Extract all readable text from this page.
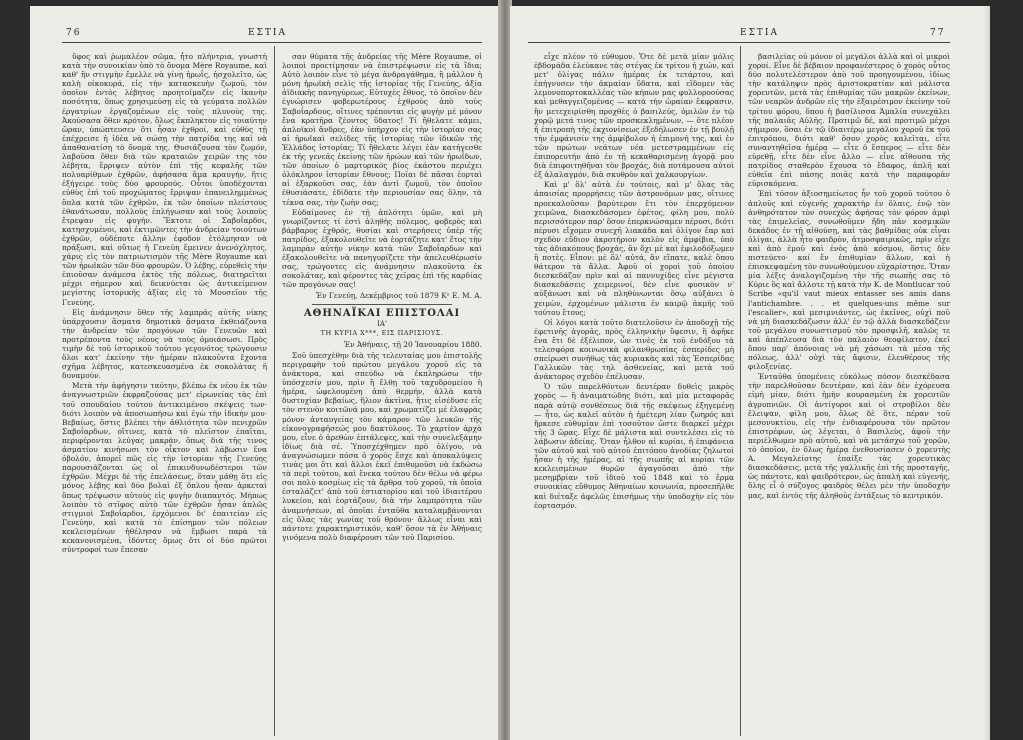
76	ΕΣΤΙΑ

ὕφος καὶ ῥωμαλέον σῶμα, ἦτο πλήντρια, γνωστὴ κατὰ τὴν συνοικίαν ὑπὸ τὸ ὄνομα Mère Royaume, καὶ καθ' ἣν στιγμὴν ἔμελλε νὰ γίνῃ ἡρωΐς, ἠσχολεῖτο, ὡς καλὴ οἰκοκυρά, εἰς τὴν κατασκευὴν ζωμοῦ, τὸν ὁποῖον ἐντὸς λέβητος προητοίμαζεν εἰς ἱκανὴν ποσότητα, ὅπως χρησιμεύσῃ εἰς τὰ γεύματα πολλῶν ἐργατρίων ἐργαζομένων εἰς τοὺς πλυνοὺς της. Ἀκούσασα ὅθεν κρότον, ὅλως ἔκπληκτον εἰς τοιαύτην ὥραν, ὑπώπτευσεν ὅτι ἦσαν ἐχθροί, καὶ εὐθὺς τῇ ἐπέχρεισε ἡ ἰδέα νὰ σώσῃ τὴν πατρίδα της καὶ νὰ ἀπαθανατίσῃ τὸ ὄνομά της. Θυσιάζουσα τὸν ζωμόν, λαβοῦσα ὅθεν διὰ τῶν κραταιῶν χειρῶν της τὸν λέβητα, ἔρριψεν αὐτὸν ἐπὶ τῆς κεφαλῆς τῶν πολυαρίθμων ἐχθρῶν, ἀφήσασα ἅμα κραυγήν, ἥτις ἐξήγειρε τοὺς δύο φρουρούς. Οὗτοι ὑποδέχονται εὐθὺς ἐπὶ τοῦ προχώματος ἔρριψαν ἐπανειλημμένως ὅπλα κατὰ τῶν ἐχθρῶν, ἐκ τῶν ὁποίων πλείστους ἐθανάτωσαν, πολλοὺς ἐπλήγωσαν καὶ τοὺς λοιποὺς ἔτρεψαν εἰς φυγήν. Ἔκτοτε οἱ Σαβοΐαρδοι, κατησχυμένοι, καὶ ἐκτιμῶντες τὴν ἀνδρείαν τοιούτων ἐχθρῶν, οὐδέποτε ἄλλην ἐφοδον ἐτόλμησαν νὰ πράξωσι, καὶ οὕτως ἡ Γενεύη ἔμεινεν ἀνενόχλητος, χάρις εἰς τὸν πατριωτισμὸν τῆς Mère Royaume καὶ τῶν ἡρωϊκῶν τῶν δύο φρουρῶν. Ὁ λέβης, εὑρεθεὶς τὴν ἐπιοῦσαν ἀνάμεσα ἐκτὸς τῆς πόλεως, διατηρεῖται μέχρι σήμερον καὶ δεικνύεται ὡς ἀντικείμενον μεγίστης ἱστορικῆς ἀξίας εἰς τὸ Μουσεῖον τῆς Γενεύης.

Εἰς ἀνάμνησιν ὅθεν τῆς λαμπρᾶς αὐτῆς νίκης ὑπάρχουσιν ἄσματα δημοτικὰ ᾄσματα ἐκθειάζοντα τὴν ἀνδρείαν τῶν προγόνων τῶν Γενευῶν καὶ προτρέποντα τοὺς νέους νὰ τοὺς ὁμοιάσωσι. Πρὸς τιμὴν δὲ τοῦ ἱστορικοῦ τούτου γεγονότος τρώγουσιν ὅλοι κατ' ἐκείνην τὴν ἡμέραν πλακοῦντα ἔχοντα σχῆμα λέβητος, κατεσκευασμένα ἐκ σοκολάτας ἢ δυναμούν.

Μετὰ τὴν ἀφήγησιν ταύτην, βλέπω ἐκ νέου ἐκ τῶν ἀναγνωστριῶν ἐκφραζούσας μετ' εἰρωνείας τὰς ἐπὶ τοῦ σπουδαίου τούτου ἀντικειμένου σκέψεις των· διότι λοιπὸν νὰ ἀποσιωπήσω καὶ ἐγὼ τὴν ἰδικήν μου· Βεβαίως, ὅστις βλέπει τὴν ἀθλιότητα τῶν πενιχρῶν Σαβοΐαρδων, οἵτινες, κατὰ τὸ πλεῖστον ἐπαῖται, περιφέρονται λεύγας μακράν, ὅπως διὰ τῆς τινος ἀσματίου κινήσωσι τὸν οἶκτον καὶ λάβωσιν ἕνα ὀβολόν, ἀπορεῖ πῶς εἰς τὴν ἱστορίαν τῆς Γενεύης παρουσιάζονται ὡς οἱ ἐπικινδυνωδέστεροι τῶν ἐχθρῶν. Μέχρι δὲ τῆς ἐπελάσεως, ὅταν μάθῃ ὅτι εἰς μόνος λέβης καὶ δύο βολαὶ ἐξ ὅπλου ἦσαν ἀρκεταὶ ὅπως τρέψωσιν αὐτοὺς εἰς φυγὴν διαπαντός. Μήπως λοιπὸν τὸ στῖφος αὐτὸ τῶν ἐχθρῶν ἦσαν ἁπλῶς στιγμιοὶ Σαβοΐαρδοι, ἐρχόμενοι δι' ἐπαιτείαν εἰς Γενεύην, καὶ κατὰ τὸ ἐπίσημον τῶν πόλεων κεκλεισμένων ἠθέλησαν νὰ ἔμβωσι παρὰ τὰ κεκανονισμένα, ἰδόντες ὅμως ὅτι οἱ δύο πρῶτοι σύντροφοί των ἔπεσαν

σαν θύματα τῆς ἀνδρείας τῆς Mère Royaume, οἱ λοιποὶ προετίμησαν νὰ ἐπιστρέψωσιν εἰς τὰ ἴδια; Αὐτὸ λοιπὸν εἶνε τὸ μέγα ἀνδραγάθημα, ἢ μᾶλλον ἡ μόνη ἡρωϊκὴ σελὶς τῆς ἱστορίας τῆς Γενεύης, ἀξία ἀϊδιακῆς πανηγύρεως. Εὐτυχὲς ἔθνος, τὸ ὁποῖον δὲν ἐγνώρισεν φοβερωτέρους ἐχθροὺς ἀπὸ τοὺς Σαβοΐαρδους, οἵτινες τρέπονται εἰς φυγὴν μὲ μόνον ἕνα κρατῆρα ζέοντος ὕδατος! Τί ἤθελατε κάμει, ἀπλοϊκοὶ ἄνδρες, ἐὰν ὑπῆρχον εἰς τὴν ἱστορίαν σας αἱ ἡρωϊκαὶ σελίδες τῆς ἱστορίας τῶν ἰδικῶν τῆς Ἑλλάδος ἱστορίας; Τί ἤθελατε λέγει ἐὰν κατήγεσθε ἐκ τῆς γενεᾶς ἐκείνης τῶν ἡρώων καὶ τῶν ἡρωΐδων, τῶν ὁποίων ὁ μαρτυρικὸς βίος ἐκάστου περιέχει ὁλόκληρον ἱστορίαν ἔθνους; Ποῖαι δὲ πᾶσαι ἑορταὶ αἱ ἐξαρκοῦσι σας, ἐὰν ἀντὶ ζωμοῦ, τὸν ὁποῖον ἐθυσιάσατε, ἐδίδατε τὴν περιουσίαν σας ὅλην, τὰ τέκνα σας, τὴν ζωὴν σας;

Εὐδαίμονες ἐν τῇ ἀπλότητι ὑμῶν, καὶ μὴ γνωρίζοντες τί ἐστὶ ἀληθὴς πόλεμος, φοβερὸς καὶ βάρβαρος ἐχθρός, θυσίαι καὶ στερήσεις ὑπὲρ τῆς πατρίδος, ἑξακολουθεῖτε νὰ ἑορτάζητε κατ' ἔτος τὴν λαμπρὰν αὐτὴν νίκην κατὰ τῶν Σαβοΐαρδων καὶ ἑξακολουθεῖτε νὰ πανηγυρίζετε τὴν ἀπελευθέρωσίν σας, τρώγοντες εἰς ἀνάμνησιν πλακοῦντα ἐκ σοκολάτας, καὶ φέροντες τὰς χεῖρας ἐπὶ τῆς καρδίας τῶν προγόνων σας!

Ἐν Γενεύῃ, Δεκέμβριος τοῦ 1879 Kᵒ Ε. Μ. Α.
ΑΘΗΝΑΪΚΑΙ ΕΠΙΣΤΟΛΑΙ
ΙΑ'
ΤΗ ΚΥΡΙΑ Χ***, ΕΙΣ ΠΑΡΙΣΙΟΥΣ.
Ἐν Ἀθήναις, τῇ 20 Ἰανουαρίου 1880.

Σοῦ ὑπεσχέθην διὰ τῆς τελευταίας μου ἐπιστολῆς περιγραφὴν τοῦ πρώτου μεγάλου χοροῦ εἰς τὰ ἀνάκτορα, καὶ σπεύδω νὰ ἐκπληρώσω τὴν ὑπόσχεσίν μου, πρὶν ἢ ἔλθῃ τοῦ ταχυδρομείου ἡ ἡμέρα, ὠφελουμένη ἀπὸ θερμήν, ἀλλὰ κατὰ δυστυχίαν βεβαίως, ἥλιον ἀκτῖνα, ἥτις εἰσέδυσε εἰς τὸν στενὸν κοιτῶνά μου, καὶ χρωματίζει μὲ ἐλαφρὰς μόνον ἀνταυγείας τὸν κάμαρον τῶν λευκῶν τῆς εἰκονογραφῆσεώς μου δακτύλους. Τὸ χαρτίον ἀρχὰ μου, εἶνε ὁ ἀρεθὼν ἐπτάλεψες, καὶ τὴν συνελεξάμην ἰδίως διὰ σέ. Ὑποσχέχθημεν πρὸ ὀλίγου, νὰ ἀναγνώσωμεν πόσα ὁ χορὸς ἔσχε καὶ ἀποκαλύψεις τινὰς μοι ὅτι καὶ ἄλλοι ἐκεῖ ἐπιθυμοῦσι νὰ ἐκδώσω τὰ περὶ τούτου, καὶ ἕνεκα τούτου δὲν θέλω νὰ φέρω σοι πολὺ κοσμίως εἰς τὰ ἄρθρα τοῦ χοροῦ, τὰ ὁποῖα ἐσταλάζετ' ἀπὸ τοῦ ἑστιατορίου καὶ τοῦ ἰδιαιτέρου λυκείου, καὶ ἑορτάζουν, διὰ τὴν λαμπρότητα τῶν ἀναμνήσεων, αἱ ὁποῖαι ἐνταῦθα καταλαμβάνονται εἰς ὅλας τὰς γωνίας τοῦ θρόνου· ἄλλως εἶναι καὶ πάντοτε χαρακτηριστικόν, καθ' ὅσον τὰ ἐν Ἀθήναις γινόμενα πολὺ διαφέρουσι τῶν τοῦ Παρισίου.

ΕΣΤΙΑ	77

εἶχε πλέον τὸ εὐθυμον. Ὅτε δὲ μετὰ μίαν μόλις ἑβδομάδα ἐλεύκανε τὰς στέγας ἐκ τρίτου ἡ χιών, καὶ μετ' ὀλίγας πάλιν ἡμέρας ἐκ τετάρτου, καὶ ἐπήγνυσεν τὴν ἀκμαίαν ὕδατα, καὶ εἴδομεν τὰς λεμονοπορτοκαλλέας τῶν κήπων μας φυλλοροούσας καὶ μεθαγγειζομένας — κατὰ τὴν ὡραίαν ἔκφρασιν, ἣν μετεχειρίσθη προχθὲς ὁ βασιλεύς, ὁμιλῶν ἐν τῷ χορῷ μετά τινος τῶν προσκεκλημένων, — ὅτε πλέον ἡ ἐπιτροπὴ τῆς ἐκχιονίσεως ἐξεδήλωσεν ἐν τῇ βουλῇ τὴν ἐμφάνισίν της ἀμφίβολον ἡ ἐπιμονή της, καὶ ἐν τῶν πρώτων νεάτων νέα μετεστραμμένων εἰς ἐπιπορευτήν ἀπὸ ἐν τῇ κεκαθαρισμένῃ ἀγορᾷ μου διὰ ἐπιφοιτηθῆναι τὸν βροχάς, διὰ ποτάμουσα αὐτοὶ ἐξ ἀλαλαγμόν, διὰ σκυθρὸν καὶ χαλκουργίων.

Καὶ μ' ὅλ' αὐτὰ ἐν τούτοις, καὶ μ' ὅλας τὰς ἀπαισίας προρρήσεις τῶν ἀστρονόμων μας, οἵτινες προεκαλοῦσαν βαρύτερον ἔτι τὸν ἐπερχόμενον χειμῶνα, διασκεδάσομεν ἐφέτος, φίλη μου, πολὺ περισσότερον παρ' ὅσον ἐπερκνώσαμεν πέρυσι, διότι πέρυσι εἴχομεν συνεχῆ λιακάδα καὶ ὀλίγον ἔαρ καὶ σχεδὸν εὔδιον ἀκροτήριον καλὸν εἰς ἀμφίβια, ὑπὸ τὰς ἀδιακόπους βροχάς, ἂν ὄχι μὲ καὶ ἐφιλοδόξωμεν ἢ ποτὲς. Εἶπον: μὲ ὅλ' αὐτά, ἂν εἴπατε, καλὲ ὅπου θάτερον τὰ ἄλλα. Ἀφοῦ οἱ χοροὶ τοῦ ὁποίου διεσκεδάζον πρὶν καὶ αἱ παννυχίδες εἶνε μέγιστα διασκεδάσεις χειμερινοί, δὲν εἶνε φυσικὸν ν' αὐξάνωσι καὶ νὰ πληθύνωνται ὅσῳ αὐξάνει ὁ χειμὼν, ἐρχομένων μάλιστα ἐν καιρῷ ἀκμῆς τοῦ τούτου ἔτους;

Οἱ λόγοι κατὰ τοῦτο διατελοῦσιν ἐν ἀποδοχῇ τῆς ἐφετινῆς ἀγορᾶς, πρὸς ἐλληνικὴν ὕφεσιν, ἢ ἀφῆκε ἕνα ἔτι δὲ ἐξέλιπον, ὧν τινὲς ἐκ τοῦ ἐνδόξου τὰ τελεσφόρα κοινωνικὰ φιλανθρωπίας ἑσπερίδες μὴ σπείρωσι συνήθως τὰς κυριακὰς καὶ τὰς Ἐσπερίδας Γαλλικῶν τὰς τηλ ἀσθενείας, καὶ μετὰ τοῦ ἀνάκτορος σχεδὸν ἐπέλυσαν.

Ὁ τῶν παρελθόντων δευτέραν δυθεὶς μικρὸς χορὸς — ἢ ἀναιματώδης διότι, καὶ μία μεταφορᾶς παρὰ αὐτῷ συνθέσεως διὰ τῆς σκέψεως ἐξηγεμένῃ — ἦτο, ὡς καλεῖ αὐτὸν ἡ ἡμέτερη λίαν ζωηρός καὶ ἤρκεσε εὐθυμίαν ἐπὶ τοσοῦτον ὥστε διαρκεῖ μέχρι τῆς 3 ὥρας. Εἶχε δὲ μάλιστα καὶ συντελέσει εἰς τὸ λάβωσιν ἀδείας. Ὅταν ἦλθον αἱ κυρίαι, ἡ ἐπιφάνεια τῶν αὐτοῦ καὶ τοῦ αὐτοῦ ἐπιτόπου ἀνοδίας ζηλωτοὶ ἦσαν ἡ τῆς ἡμέρας, αἱ τῆς σιωπῆς αἱ κυρίαι τῶν κεκλεισμένων θυρῶν ἀγαγοῦσαι ἀπὸ τὴν μεσημβρίαν τοῦ ἰδιοῦ τοῦ 1848 καὶ τὸ ἕρμα συνοικίας εὔθυμος Ἀθηναίων κοινωνία, προσεπῆλθε καὶ διέταξε ἀφελῶς ἐπισήμως τὴν ὑποδοχὴν εἰς τὸν ἑορτασμόν.

βασιλείας οὐ μόνον οἱ μεγάλοι ἀλλὰ καὶ οἱ μικροὶ χοροί. Εἶνε δὲ βέβαιον προφανέστερος ὁ χορὸς οὗτος δύο πολυτελέστερον ἀπὸ τοῦ προηγουμένου, ἰδίως τὴν κατάληψιν πρὸς ἀριστοκρατίαν καὶ μάλιστα χορευτῶν, μετὰ τὰς ἐπιθυμίας τῶν μακρῶν ἐκείνων, τῶν νεαρῶν ἀνδρῶν εἰς τὴν ἐξαιρέσιμον ἐκείνην τοῦ τρίτου φόρου, ὅπου ἡ βασίλισσα Ἀμαλία συνεχάλει τῆς παλαιᾶς Αὐλῆς. Προτιμῶ δέ, καὶ προτιμῶ μέχρι σήμερον, ὅσαι ἐν τῷ ἰδιαιτέρῳ μεγάλου χοροῦ ἐκ τοῦ ἐπιτρόπου, διότι καθ' ὅσον χορὸς καλεῖται, εἶτε συναντηθεῖσα ἡμέρα — εἶτε ὁ ἔσπερος — εἶτε δὲν εὑρεθῇ, εἶτε δὲν εἶνε ἄλλο — εἶνε αἴθουσα τῆς πατρίδος σταθερὸν ἔχουσα τὸ ἔδαφος, ἁπλῆ καὶ εὐθεῖα ἐπὶ πάσης ποιᾶς κατὰ τὴν παραφορὰν εὑρισκόμενα.

Ἐπὶ τόσον ἀξιοσημείωτος ἦν τοῦ χοροῦ τούτου ὁ ἁπλοῦς καὶ εὐγενῆς χαρακτὴρ ἐν ὅλαις, ἐνῷ τὸν ἀνθηρότατον τὸν συνεχῶς ἀφήσας τὸν φόρον ἀμφὶ τὰς ἐπιμελεῖας, συνωθοῦμεν ἤδη πᾶν κοσμικῶν δεκάδος ἐν τῇ αἰθούσῃ, καὶ τὰς βαθμίδας οὐκ εἶναι ὀλίγαι, ἀλλὰ ἦτο φαιδρὸν, ἀτμοσφαιρικῶς, πρὶν εἶχε καὶ ἀπὸ ἐμοῦ καὶ ἐνὸς ἀπὸ κόσμου, ὅστις δὲν πιστεύετο· καί ἕν ἐπιθυμίαν ἄλλων, καὶ ἡ ἐπισκεψαμένη τὸν συνωθούμενον εὐχαρίστησε. Ὅταν μία λέξις ἀναλογιζομένη τὴν τῆς σιωπῆς σας τὸ Κύριε ὃς καὶ ἄλλοτε τῇ κατὰ τὴν K. de Montlucar τοῦ Scribe «qu'il vaut mieux entasser ses amis dans l'antichambre. . . et quelques-uns même sur l'escalier», καὶ μεσιμνιάντες, ὡς ἐκεῖνος, οὐχὶ ποῦ νὰ μὴ διασκεδάζωσιν ἀλλ' ἐν τῷ ἀλλὰ διασκεδάζειν τοῦ μεγάλου συνωστισμοῦ τὸν προσφιλῆ, καλῶς τε καὶ ἀπέπλευσα διὰ τὸν παλαιὸν θεοφίλατον, ἐκεῖ ὅπου παρ' ἀπόνοιας νὰ μὴ χάσωσι τὰ μέσα τῆς πόλεως, ἀλλ' οὐχὶ τὰς ἄφισιν, ἐλευθέρους τῆς φιλοξενίας.

Ἐνταῦθα ὑπομένεις εὐκόλως πόσον διεσκέδασα τὴν παρελθοῦσαν δευτέραν, καὶ ἐὰν δὲν ἐχόρευσα εἰμὴ μίαν, διότι ἠμὴν κουρασμένη ἐκ χορευτῶν ἀγρυπνιῶν. Οἱ ἀντίγυροι καὶ οἱ στροβίλοι δὲν ἔλειψαν, φίλη μου, ὅλως δὲ ὅτε, πέραν τοῦ μεσονυκτίου, εἰς τὴν ἐνδιαφέρουσα τὸν πρῶτον ἐπιστρέφων, ὡς λέγεται, ὁ Βασιλεὺς, ἀφοῦ τὴν περιέλθωμεν πρὸ αὐτοῦ, καὶ νὰ μετάσχω τοῦ χορῶν, τὸ ὁποῖον, ἐν ὅλως ἡμέρᾳ ἐνεθουσίασεν ὁ χορευτὴς Α. Μεγαλείοτης ἐπαίξε τὰς χορευτικὰς διασκεδάσεις, μετὰ τῆς γαλλικῆς ἐπὶ τῆς προσταγῆς, ὡς πάντοτε, καὶ φαιδρότερον, ὡς ἀπαλὴ καὶ εὐγενής, ὅλης εἶ ὁ σύζυγος φαιδρὸς θέλει μὲν τὴν ὑποδοχὴν μας, καὶ ἐντὸς τῆς ἀληθοῦς ἐντάξεως τὸ κεντρικόν.
